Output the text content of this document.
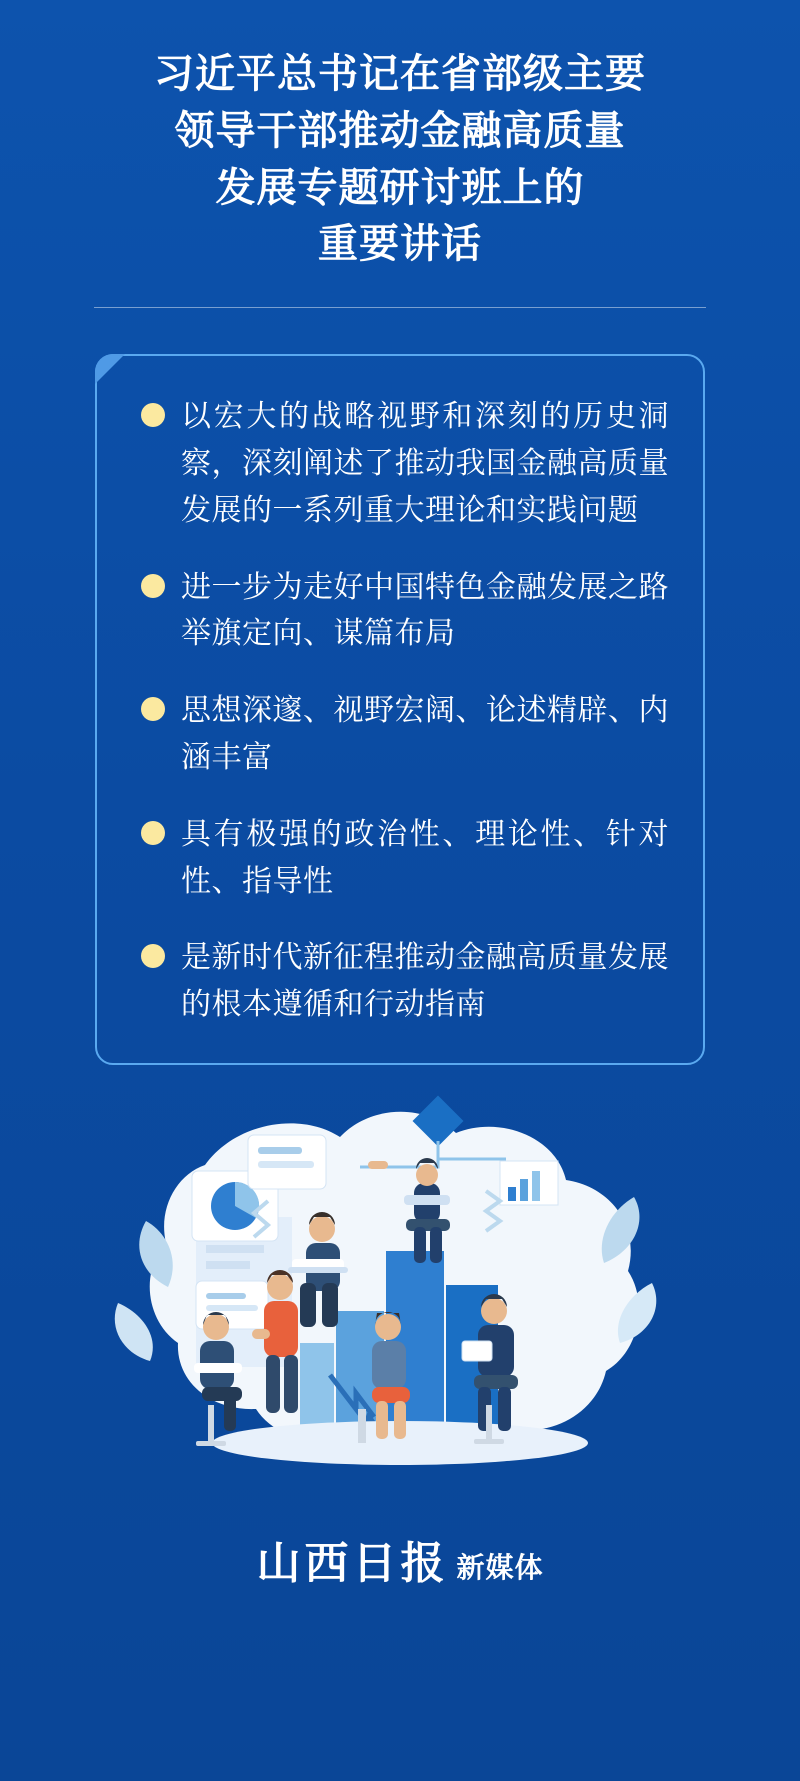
习近平总书记在省部级主要
领导干部推动金融高质量
发展专题研讨班上的
重要讲话
以宏大的战略视野和深刻的历史洞察，深刻阐述了推动我国金融高质量发展的一系列重大理论和实践问题
进一步为走好中国特色金融发展之路举旗定向、谋篇布局
思想深邃、视野宏阔、论述精辟、内涵丰富
具有极强的政治性、理论性、针对性、指导性
是新时代新征程推动金融高质量发展的根本遵循和行动指南
山西日报 新媒体
